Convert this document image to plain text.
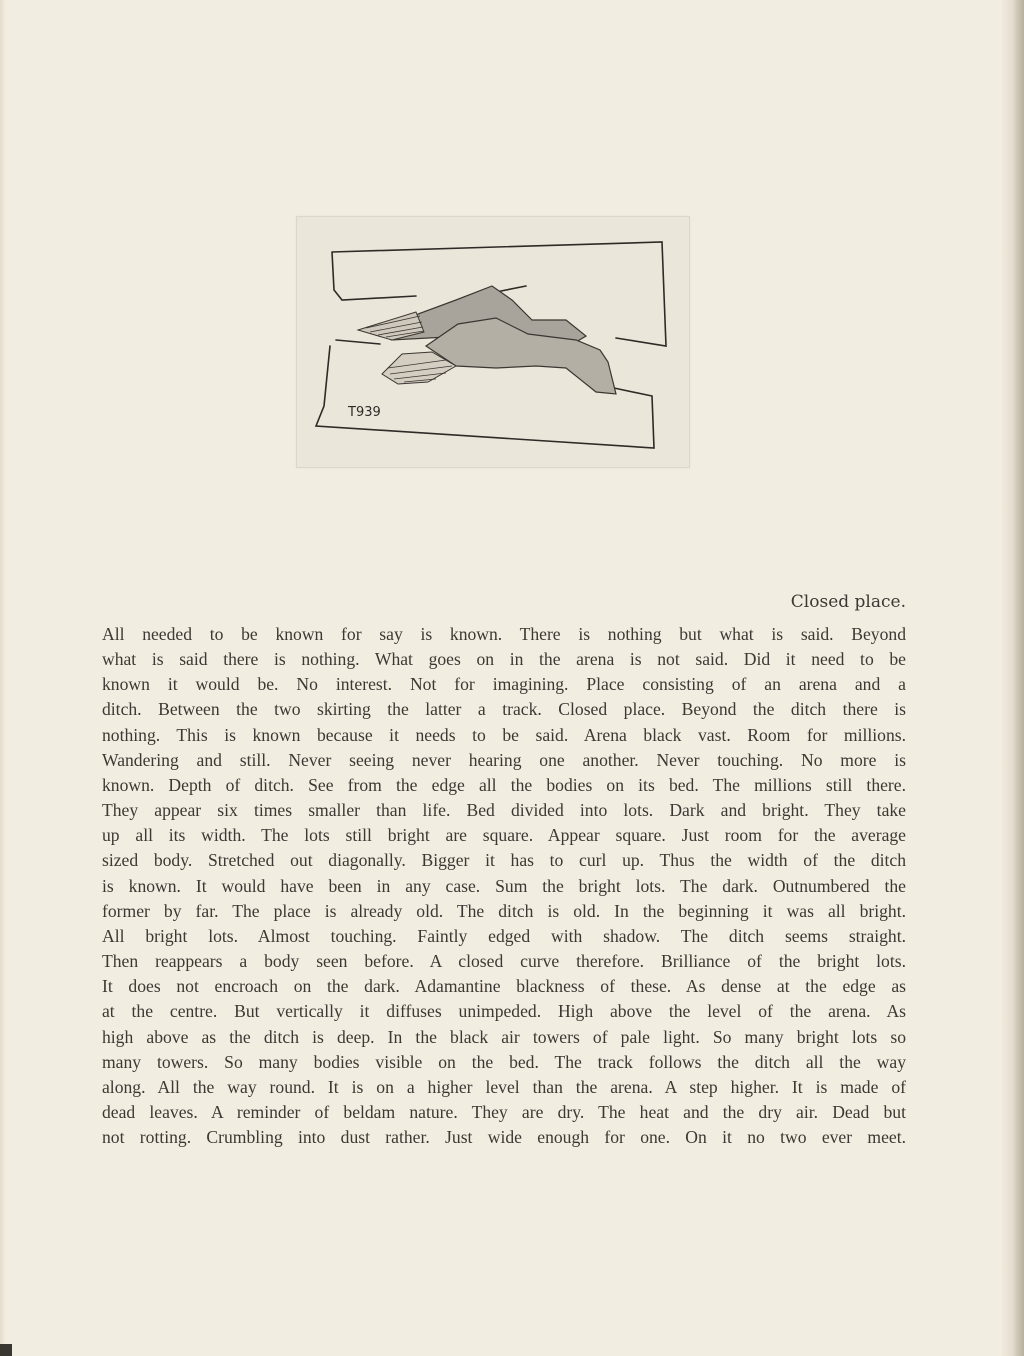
T939

Closed place.

All needed to be known for say is known. There is nothing but what is said. Beyond
what is said there is nothing. What goes on in the arena is not said. Did it need to be
known it would be. No interest. Not for imagining. Place consisting of an arena and a
ditch. Between the two skirting the latter a track. Closed place. Beyond the ditch there is
nothing. This is known because it needs to be said. Arena black vast. Room for millions.
Wandering and still. Never seeing never hearing one another. Never touching. No more is
known. Depth of ditch. See from the edge all the bodies on its bed. The millions still there.
They appear six times smaller than life. Bed divided into lots. Dark and bright. They take
up all its width. The lots still bright are square. Appear square. Just room for the average
sized body. Stretched out diagonally. Bigger it has to curl up. Thus the width of the ditch
is known. It would have been in any case. Sum the bright lots. The dark. Outnumbered the
former by far. The place is already old. The ditch is old. In the beginning it was all bright.
All bright lots. Almost touching. Faintly edged with shadow. The ditch seems straight.
Then reappears a body seen before. A closed curve therefore. Brilliance of the bright lots.
It does not encroach on the dark. Adamantine blackness of these. As dense at the edge as
at the centre. But vertically it diffuses unimpeded. High above the level of the arena. As
high above as the ditch is deep. In the black air towers of pale light. So many bright lots so
many towers. So many bodies visible on the bed. The track follows the ditch all the way
along. All the way round. It is on a higher level than the arena. A step higher. It is made of
dead leaves. A reminder of beldam nature. They are dry. The heat and the dry air. Dead but
not rotting. Crumbling into dust rather. Just wide enough for one. On it no two ever meet.
